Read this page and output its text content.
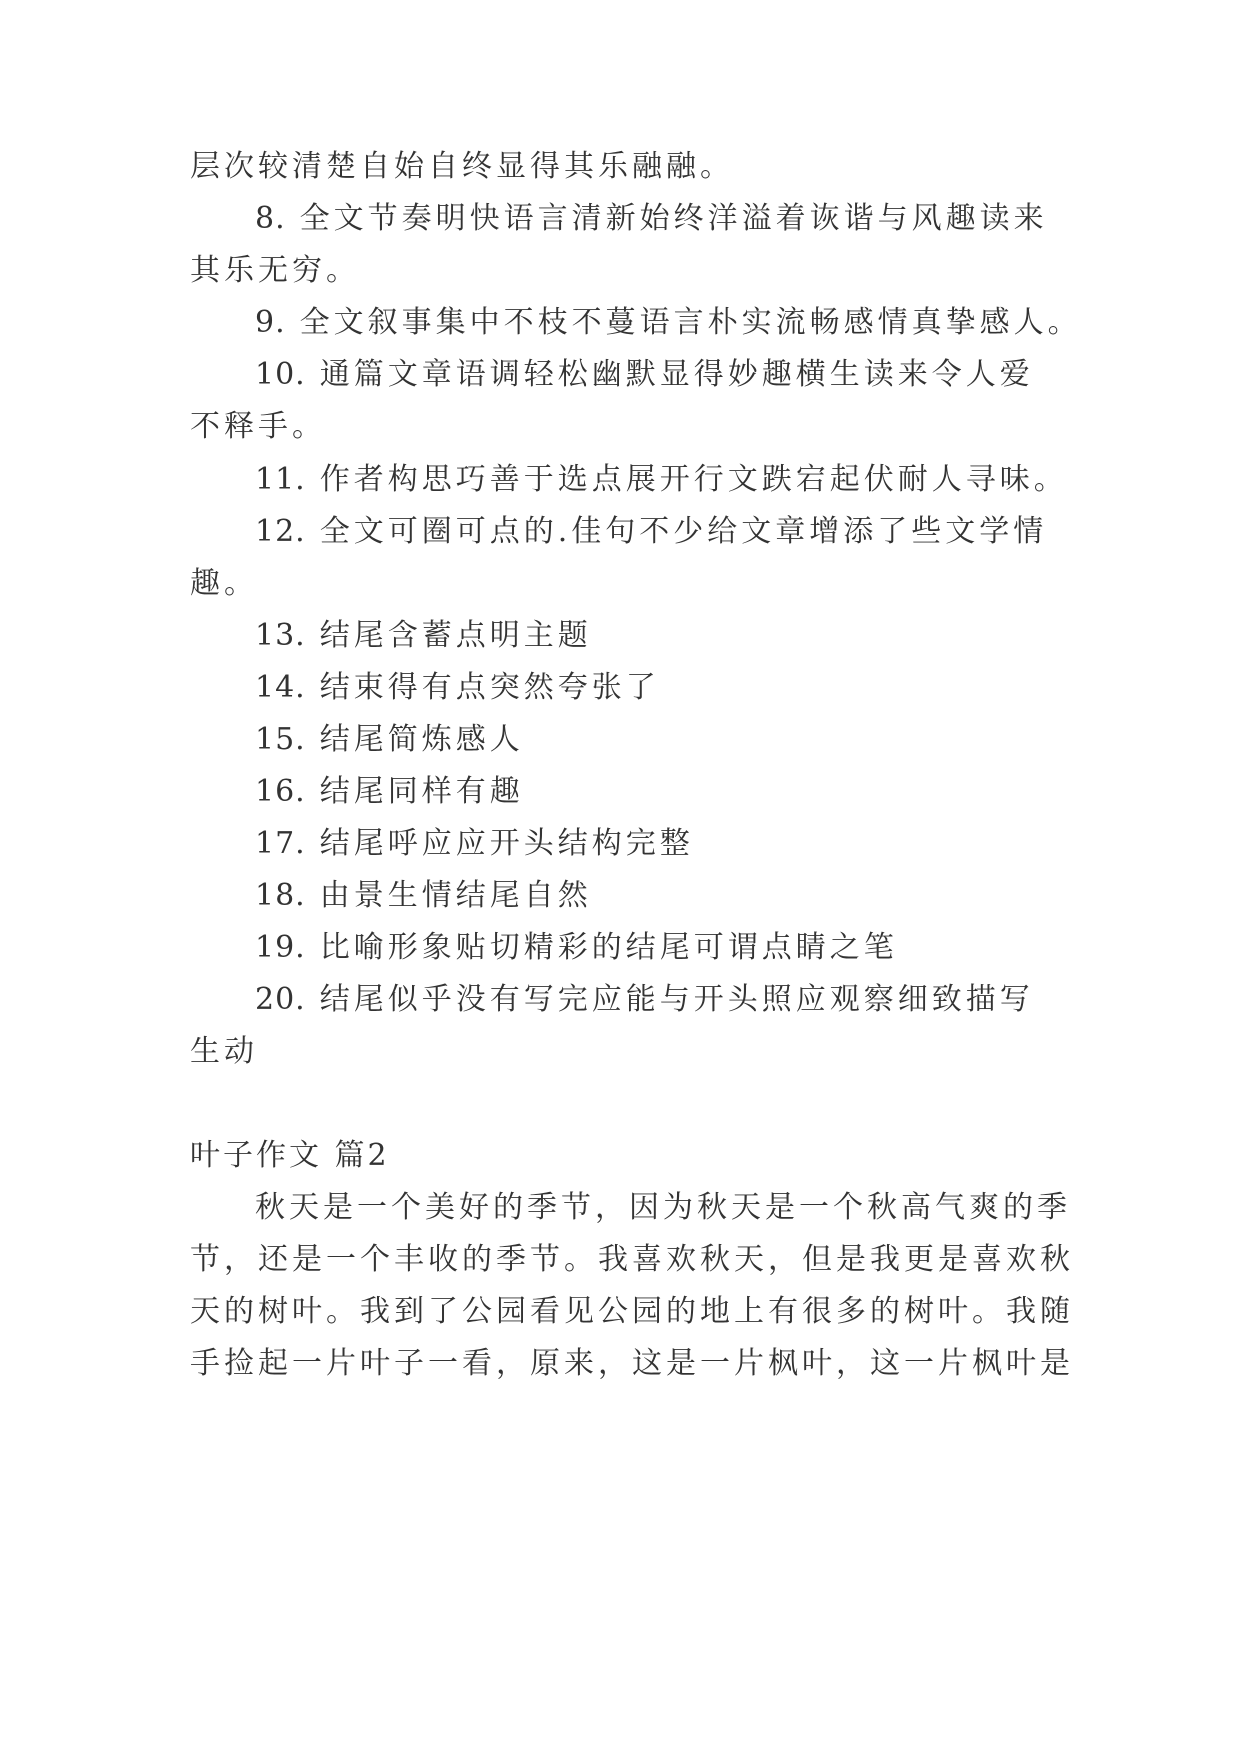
层次较清楚自始自终显得其乐融融。
8. 全文节奏明快语言清新始终洋溢着诙谐与风趣读来
其乐无穷。
9. 全文叙事集中不枝不蔓语言朴实流畅感情真挚感人。
10. 通篇文章语调轻松幽默显得妙趣横生读来令人爱
不释手。
11. 作者构思巧善于选点展开行文跌宕起伏耐人寻味。
12. 全文可圈可点的.佳句不少给文章增添了些文学情
趣。
13. 结尾含蓄点明主题
14. 结束得有点突然夸张了
15. 结尾简炼感人
16. 结尾同样有趣
17. 结尾呼应应开头结构完整
18. 由景生情结尾自然
19. 比喻形象贴切精彩的结尾可谓点睛之笔
20. 结尾似乎没有写完应能与开头照应观察细致描写
生动
叶子作文 篇2
秋天是一个美好的季节，因为秋天是一个秋高气爽的季
节，还是一个丰收的季节。我喜欢秋天，但是我更是喜欢秋
天的树叶。我到了公园看见公园的地上有很多的树叶。我随
手捡起一片叶子一看，原来，这是一片枫叶，这一片枫叶是
